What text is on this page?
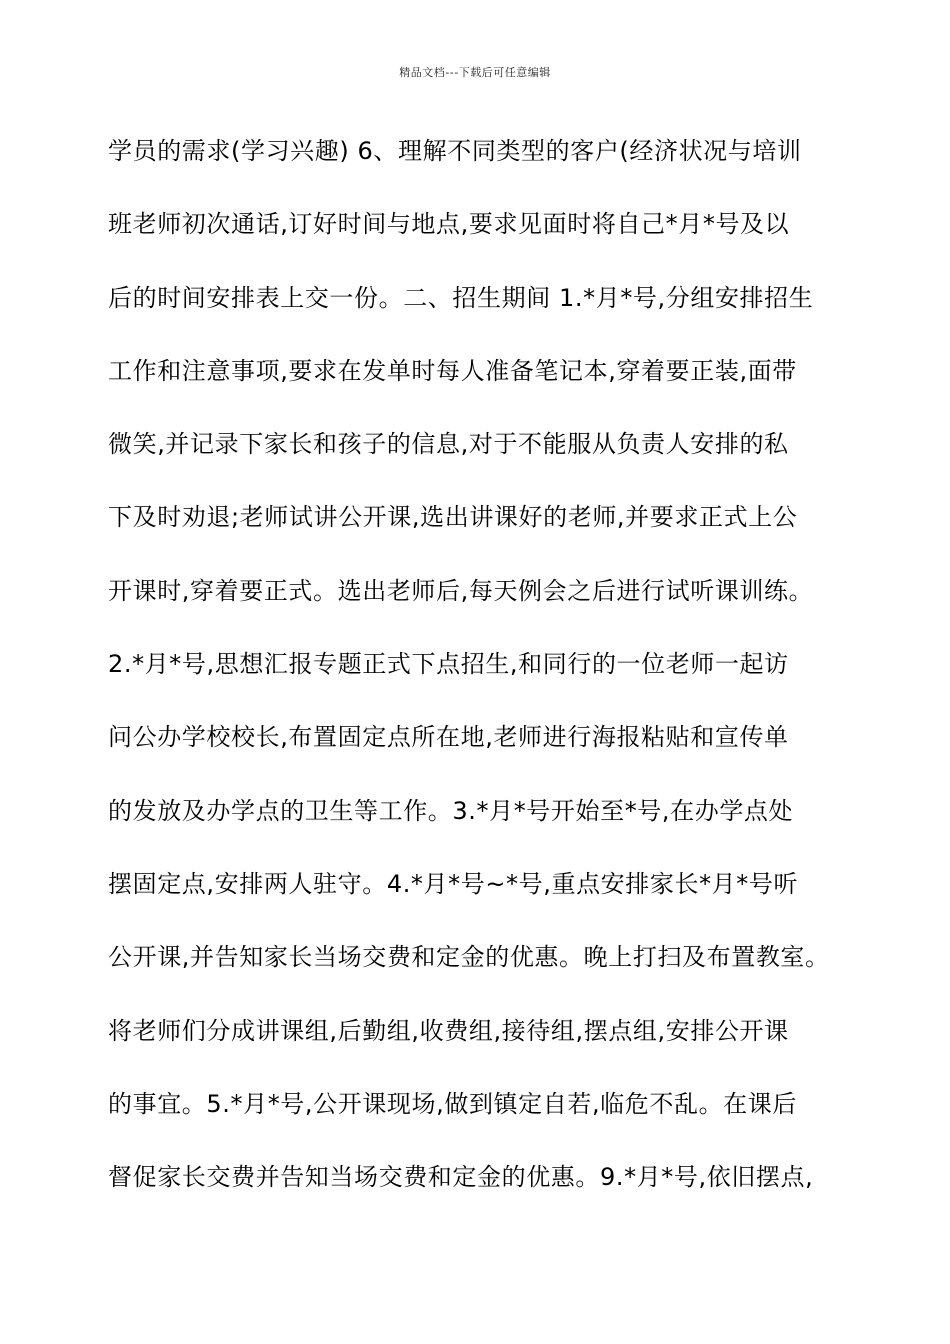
精品文档---下载后可任意编辑
学员的需求(学习兴趣) 6、理解不同类型的客户(经济状况与培训
班老师初次通话,订好时间与地点,要求见面时将自己*月*号及以
后的时间安排表上交一份。二、招生期间 1.*月*号,分组安排招生
工作和注意事项,要求在发单时每人准备笔记本,穿着要正装,面带
微笑,并记录下家长和孩子的信息,对于不能服从负责人安排的私
下及时劝退;老师试讲公开课,选出讲课好的老师,并要求正式上公
开课时,穿着要正式。选出老师后,每天例会之后进行试听课训练。
2.*月*号,思想汇报专题正式下点招生,和同行的一位老师一起访
问公办学校校长,布置固定点所在地,老师进行海报粘贴和宣传单
的发放及办学点的卫生等工作。3.*月*号开始至*号,在办学点处
摆固定点,安排两人驻守。4.*月*号~*号,重点安排家长*月*号听
公开课,并告知家长当场交费和定金的优惠。晚上打扫及布置教室。
将老师们分成讲课组,后勤组,收费组,接待组,摆点组,安排公开课
的事宜。5.*月*号,公开课现场,做到镇定自若,临危不乱。在课后
督促家长交费并告知当场交费和定金的优惠。9.*月*号,依旧摆点,
